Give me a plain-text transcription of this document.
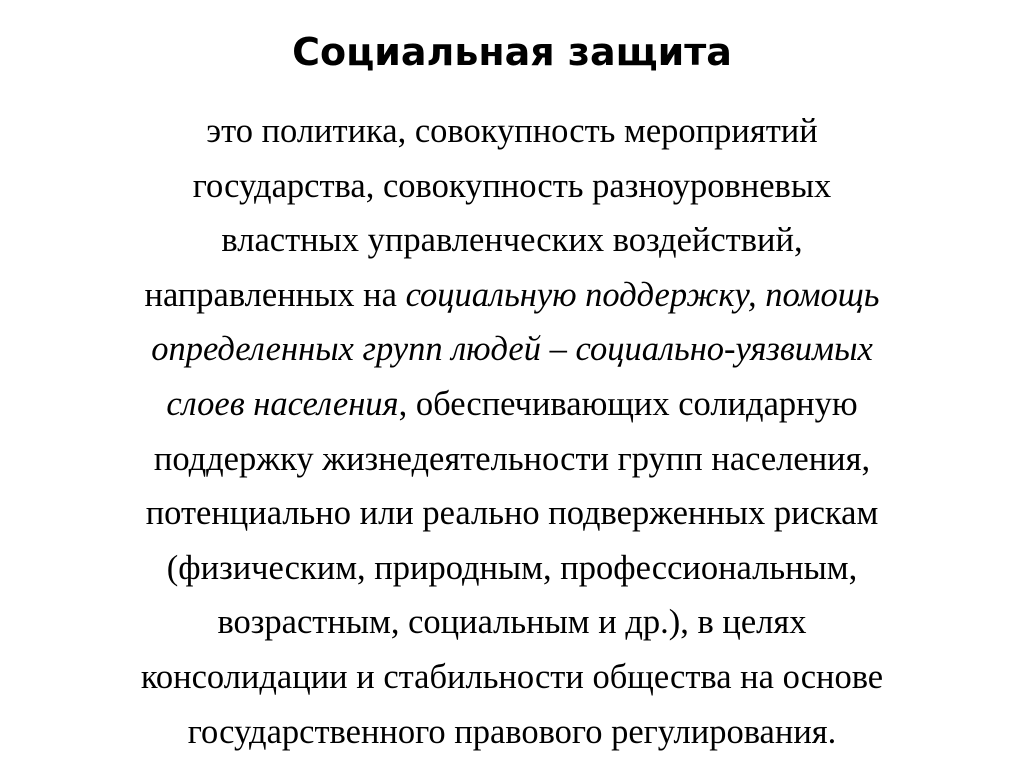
Социальная защита

это политика, совокупность мероприятий
государства, совокупность разноуровневых
властных управленческих воздействий,
направленных на социальную поддержку, помощь
определенных групп людей – социально-уязвимых
слоев населения, обеспечивающих солидарную
поддержку жизнедеятельности групп населения,
потенциально или реально подверженных рискам
(физическим, природным, профессиональным,
возрастным, социальным и др.), в целях
консолидации и стабильности общества на основе
государственного правового регулирования.
